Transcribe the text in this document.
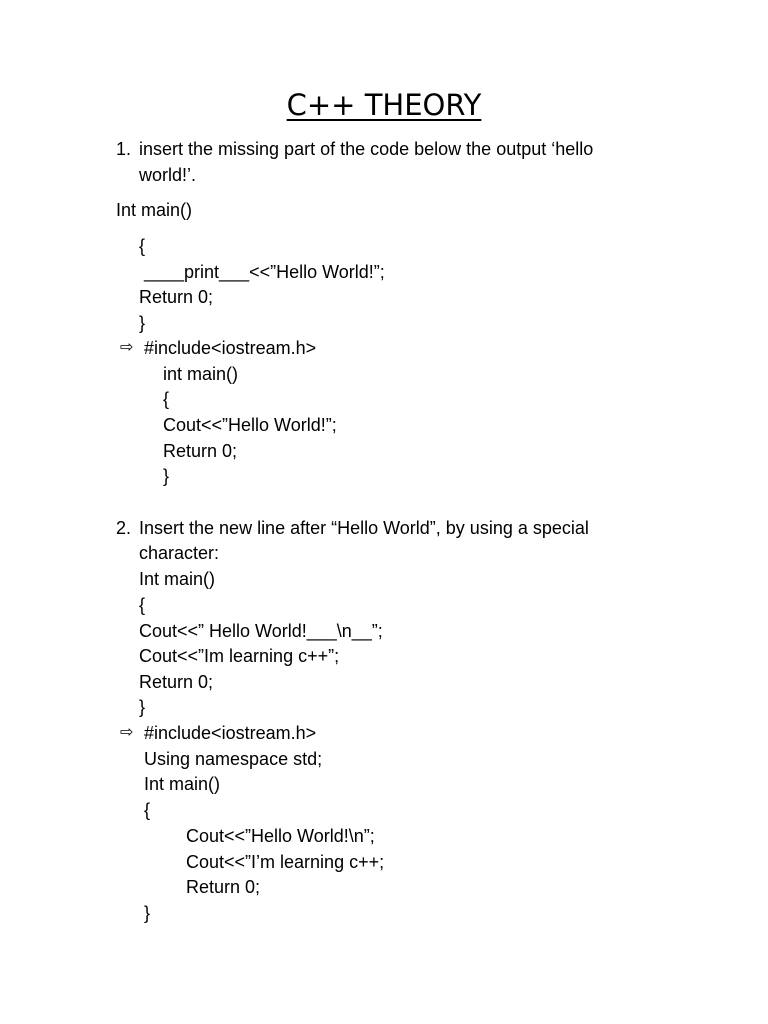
C++ THEORY
1. insert the missing part of the code below the output ‘hello
world!’.
Int main()
{
____print___<<”Hello World!”;
Return 0;
}
⇨ #include<iostream.h>
int main()
{
Cout<<”Hello World!”;
Return 0;
}
2. Insert the new line after “Hello World”, by using a special
character:
Int main()
{
Cout<<” Hello World!___\n__”;
Cout<<”Im learning c++”;
Return 0;
}
⇨ #include<iostream.h>
Using namespace std;
Int main()
{
Cout<<”Hello World!\n”;
Cout<<”I’m learning c++;
Return 0;
}
